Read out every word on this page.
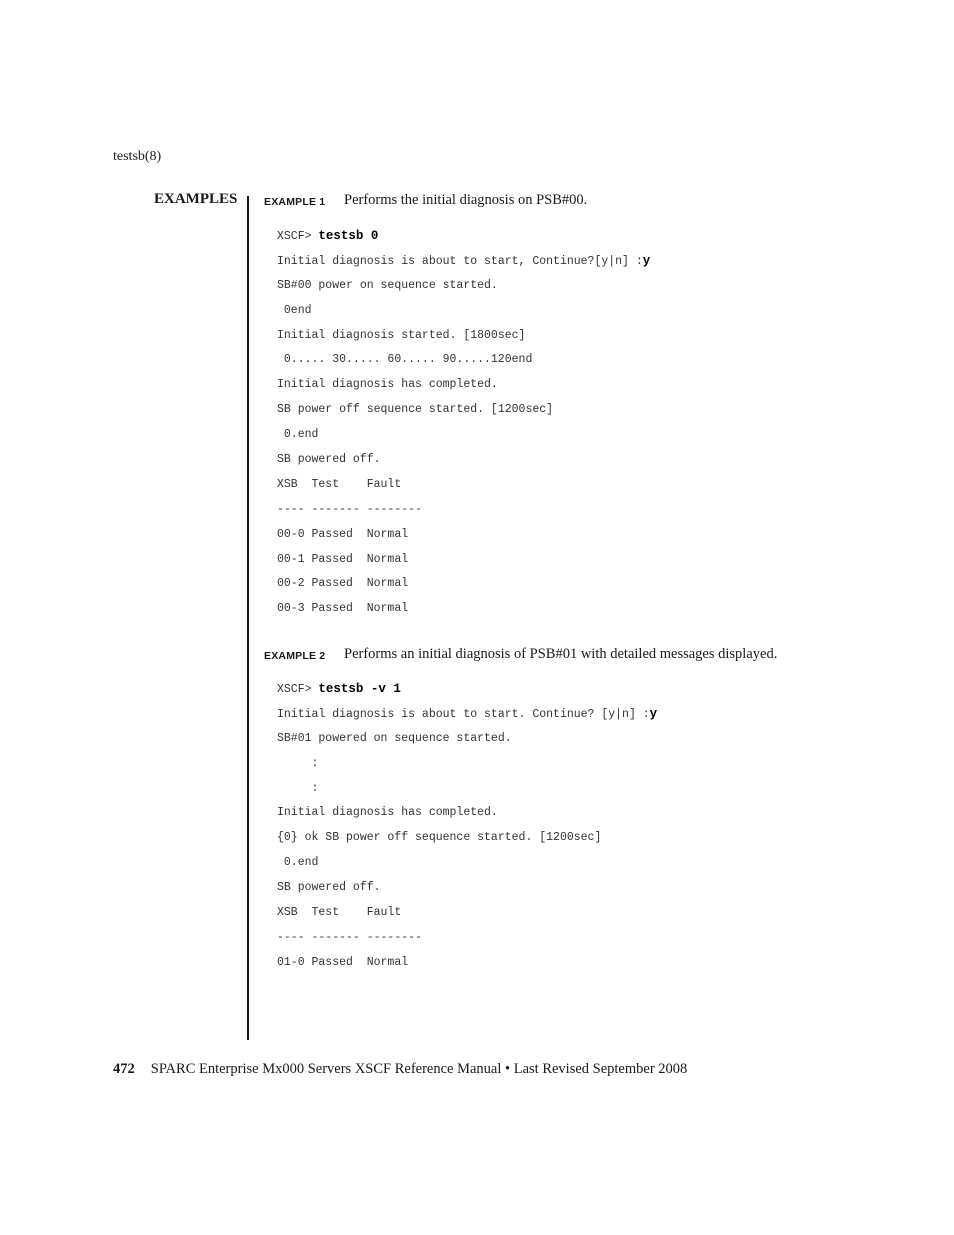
testsb(8)
EXAMPLES	EXAMPLE 1 Performs the initial diagnosis on PSB#00.
XSCF> testsb 0
Initial diagnosis is about to start, Continue?[y|n] :y
SB#00 power on sequence started.
0end
Initial diagnosis started. [1800sec]
0..... 30..... 60..... 90.....120end
Initial diagnosis has completed.
SB power off sequence started. [1200sec]
0.end
SB powered off.
XSB  Test    Fault
---- ------- --------
00-0 Passed  Normal
00-1 Passed  Normal
00-2 Passed  Normal
00-3 Passed  Normal
EXAMPLE 2 Performs an initial diagnosis of PSB#01 with detailed messages displayed.
XSCF> testsb -v 1
Initial diagnosis is about to start. Continue? [y|n] :y
SB#01 powered on sequence started.
:
:
Initial diagnosis has completed.
{0} ok SB power off sequence started. [1200sec]
0.end
SB powered off.
XSB  Test    Fault
---- ------- --------
01-0 Passed  Normal
472 SPARC Enterprise Mx000 Servers XSCF Reference Manual • Last Revised September 2008
